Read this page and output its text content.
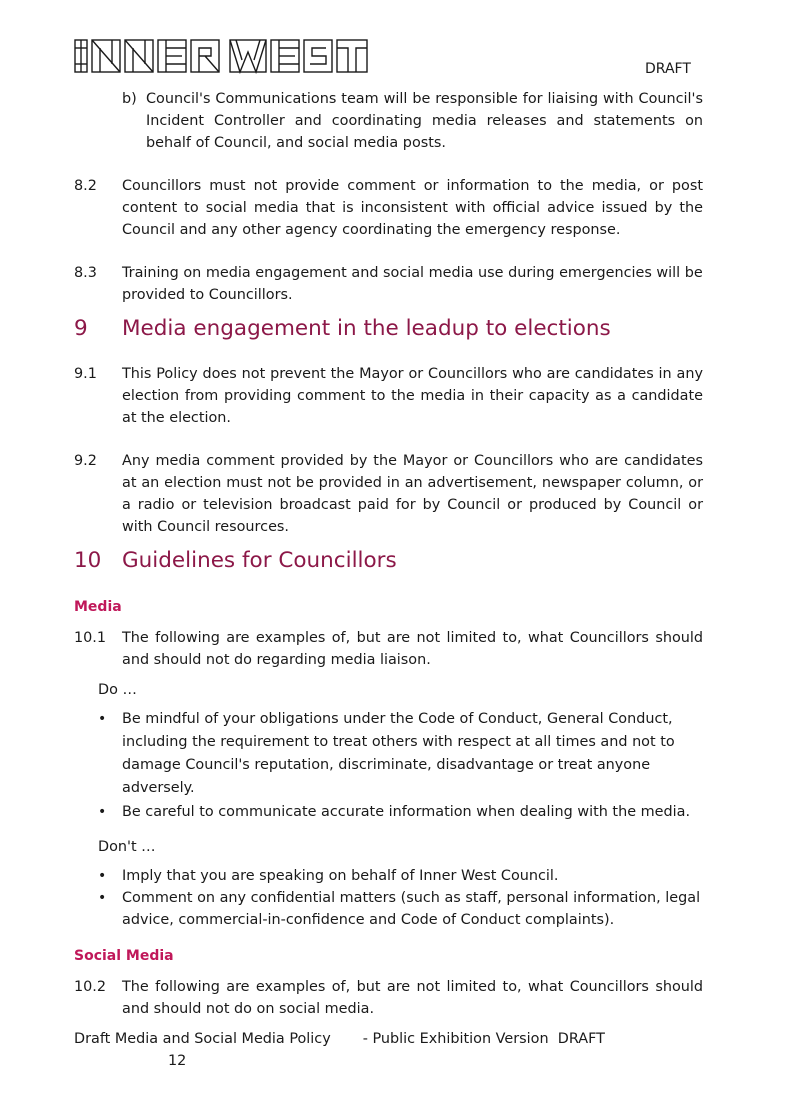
DRAFT
b) Council's Communications team will be responsible for liaising with Council's Incident Controller and coordinating media releases and statements on behalf of Council, and social media posts.
8.2 Councillors must not provide comment or information to the media, or post content to social media that is inconsistent with official advice issued by the Council and any other agency coordinating the emergency response.
8.3 Training on media engagement and social media use during emergencies will be provided to Councillors.
9 Media engagement in the leadup to elections
9.1 This Policy does not prevent the Mayor or Councillors who are candidates in any election from providing comment to the media in their capacity as a candidate at the election.
9.2 Any media comment provided by the Mayor or Councillors who are candidates at an election must not be provided in an advertisement, newspaper column, or a radio or television broadcast paid for by Council or produced by Council or with Council resources.
10 Guidelines for Councillors
Media
10.1 The following are examples of, but are not limited to, what Councillors should and should not do regarding media liaison.
Do …
• Be mindful of your obligations under the Code of Conduct, General Conduct, including the requirement to treat others with respect at all times and not to damage Council's reputation, discriminate, disadvantage or treat anyone adversely.
• Be careful to communicate accurate information when dealing with the media.
Don't …
• Imply that you are speaking on behalf of Inner West Council.
• Comment on any confidential matters (such as staff, personal information, legal advice, commercial-in-confidence and Code of Conduct complaints).
Social Media
10.2 The following are examples of, but are not limited to, what Councillors should and should not do on social media.
Draft Media and Social Media Policy       - Public Exhibition Version  DRAFT
12
